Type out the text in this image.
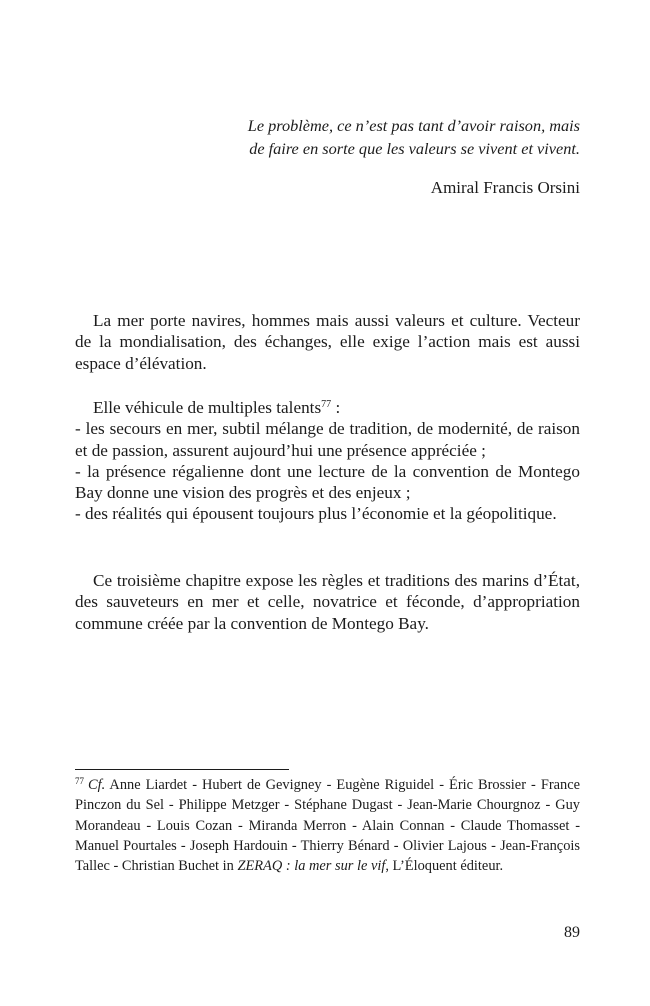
Le problème, ce n’est pas tant d’avoir raison, mais
de faire en sorte que les valeurs se vivent et vivent.
Amiral Francis Orsini
La mer porte navires, hommes mais aussi valeurs et culture. Vecteur de la mondialisation, des échanges, elle exige l’action mais est aussi espace d’élévation.
Elle véhicule de multiples talents$^{77}$ :
- les secours en mer, subtil mélange de tradition, de modernité, de raison et de passion, assurent aujourd’hui une présence appréciée ;
- la présence régalienne dont une lecture de la convention de Montego Bay donne une vision des progrès et des enjeux ;
- des réalités qui épousent toujours plus l’économie et la géopolitique.
Ce troisième chapitre expose les règles et traditions des marins d’État, des sauveteurs en mer et celle, novatrice et féconde, d’appropriation commune créée par la convention de Montego Bay.
$^{77}$ Cf. Anne Liardet - Hubert de Gevigney - Eugène Riguidel - Éric Brossier - France Pinczon du Sel - Philippe Metzger - Stéphane Dugast - Jean-Marie Chourgnoz - Guy Morandeau - Louis Cozan - Miranda Merron - Alain Connan - Claude Thomasset - Manuel Pourtales - Joseph Hardouin - Thierry Bénard - Olivier Lajous - Jean-François Tallec - Christian Buchet in ZERAQ : la mer sur le vif, L’Éloquent éditeur.
89
